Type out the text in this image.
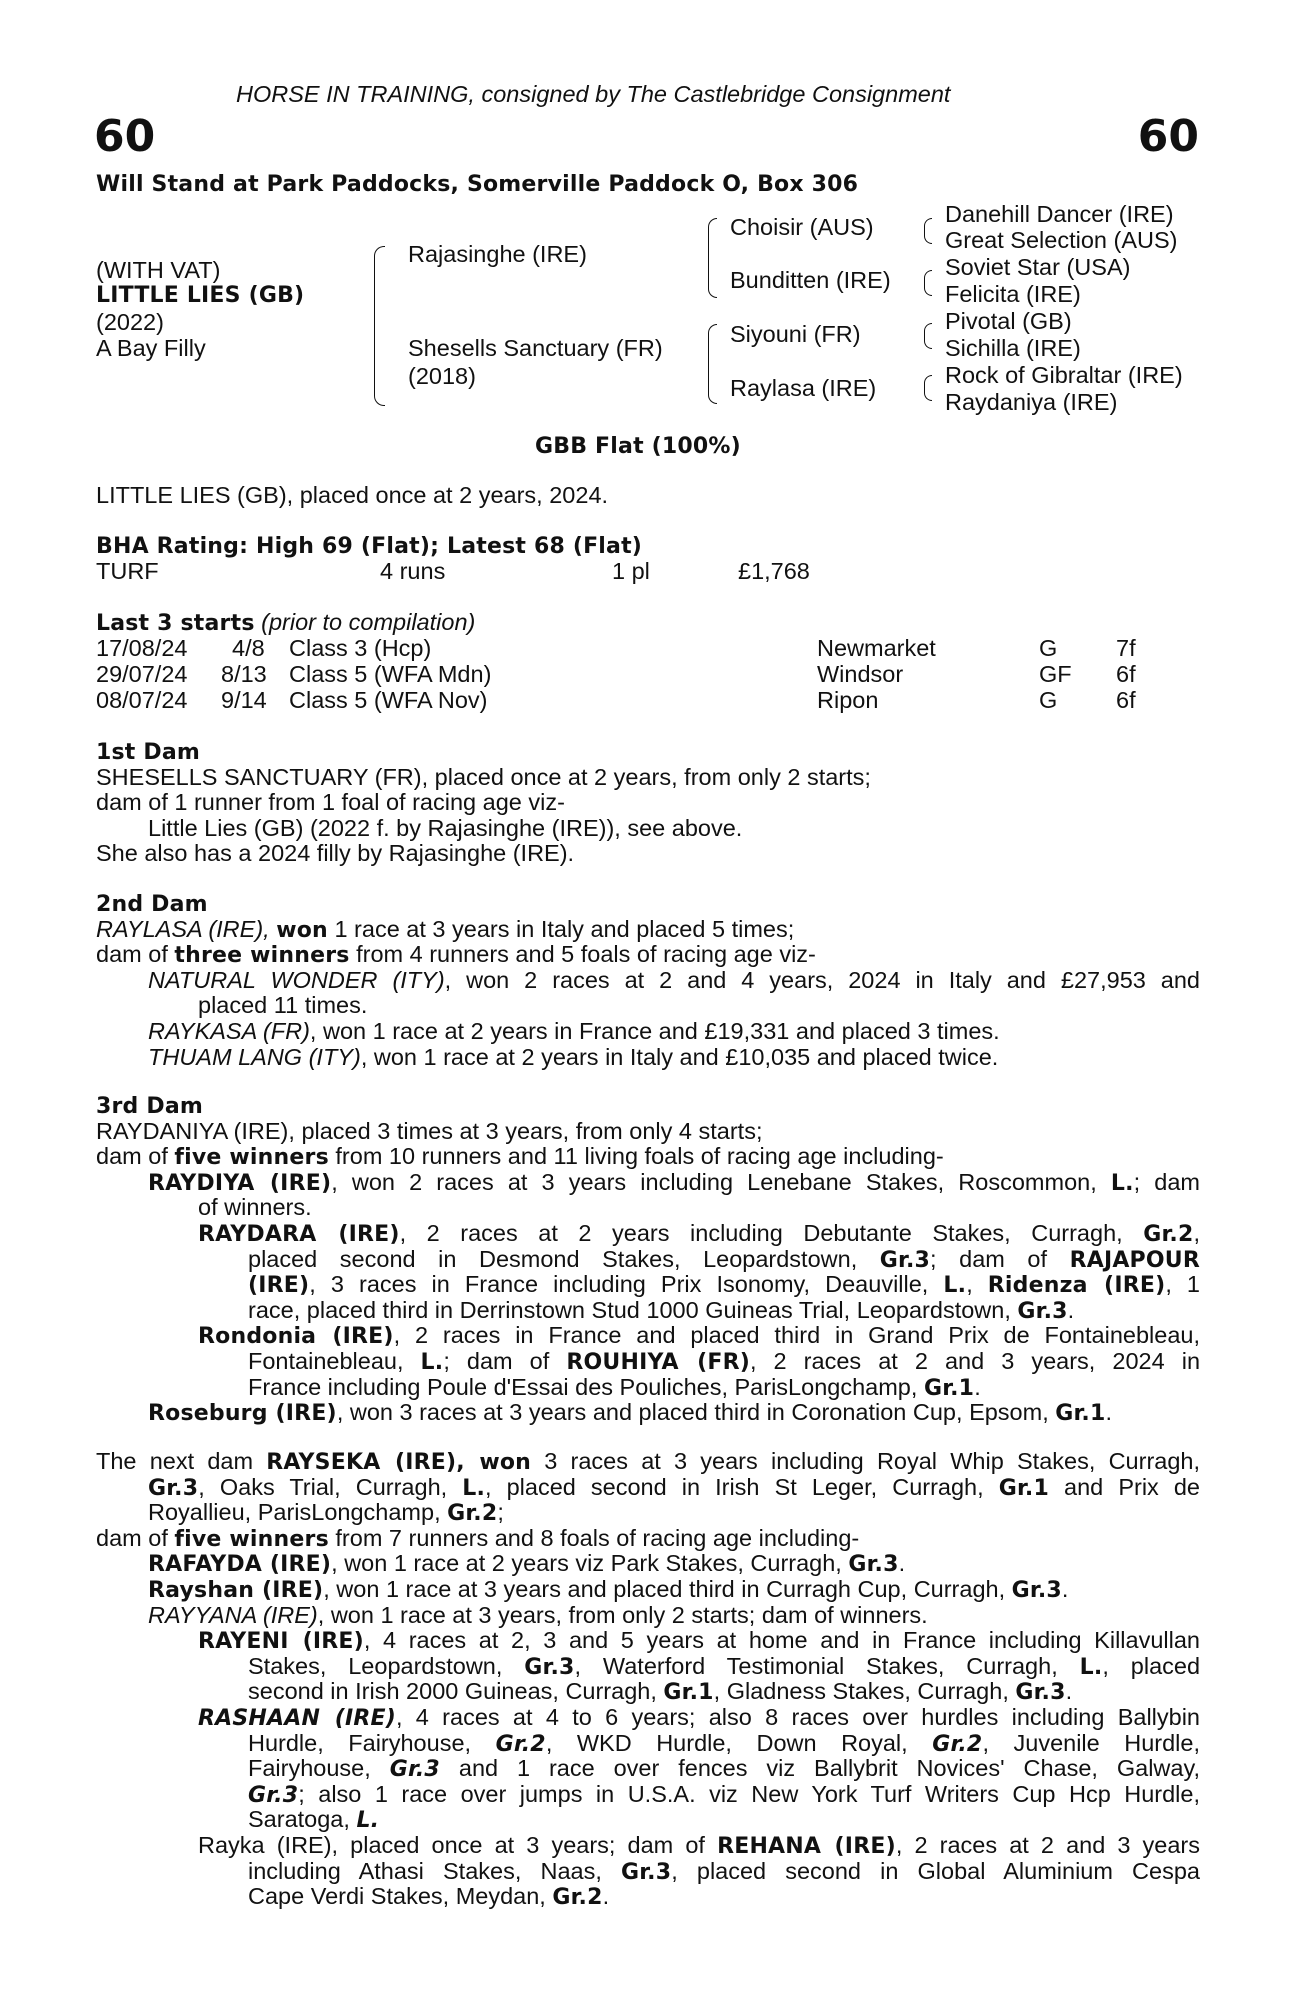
HORSE IN TRAINING, consigned by The Castlebridge Consignment
60	60
Will Stand at Park Paddocks, Somerville Paddock O, Box 306
(WITH VAT)
LITTLE LIES (GB)
(2022)
A Bay Filly
Rajasinghe (IRE)
Shesells Sanctuary (FR)
(2018)
Choisir (AUS)
Bunditten (IRE)
Siyouni (FR)
Raylasa (IRE)
Danehill Dancer (IRE)
Great Selection (AUS)
Soviet Star (USA)
Felicita (IRE)
Pivotal (GB)
Sichilla (IRE)
Rock of Gibraltar (IRE)
Raydaniya (IRE)
GBB Flat (100%)
LITTLE LIES (GB), placed once at 2 years, 2024.
BHA Rating: High 69 (Flat); Latest 68 (Flat)
TURF	4 runs	1 pl	£1,768
Last 3 starts (prior to compilation)
17/08/24 4/8 Class 3 (Hcp)	Newmarket	G 7f
29/07/24 8/13 Class 5 (WFA Mdn)	Windsor	GF 6f
08/07/24 9/14 Class 5 (WFA Nov)	Ripon	G 6f
1st Dam
SHESELLS SANCTUARY (FR), placed once at 2 years, from only 2 starts;
dam of 1 runner from 1 foal of racing age viz-
Little Lies (GB) (2022 f. by Rajasinghe (IRE)), see above.
She also has a 2024 filly by Rajasinghe (IRE).
2nd Dam
RAYLASA (IRE), won 1 race at 3 years in Italy and placed 5 times;
dam of three winners from 4 runners and 5 foals of racing age viz-
NATURAL WONDER (ITY), won 2 races at 2 and 4 years, 2024 in Italy and £27,953 and
placed 11 times.
RAYKASA (FR), won 1 race at 2 years in France and £19,331 and placed 3 times.
THUAM LANG (ITY), won 1 race at 2 years in Italy and £10,035 and placed twice.
3rd Dam
RAYDANIYA (IRE), placed 3 times at 3 years, from only 4 starts;
dam of five winners from 10 runners and 11 living foals of racing age including-
RAYDIYA (IRE), won 2 races at 3 years including Lenebane Stakes, Roscommon, L.; dam
of winners.
RAYDARA (IRE), 2 races at 2 years including Debutante Stakes, Curragh, Gr.2,
placed second in Desmond Stakes, Leopardstown, Gr.3; dam of RAJAPOUR
(IRE), 3 races in France including Prix Isonomy, Deauville, L., Ridenza (IRE), 1
race, placed third in Derrinstown Stud 1000 Guineas Trial, Leopardstown, Gr.3.
Rondonia (IRE), 2 races in France and placed third in Grand Prix de Fontainebleau,
Fontainebleau, L.; dam of ROUHIYA (FR), 2 races at 2 and 3 years, 2024 in
France including Poule d'Essai des Pouliches, ParisLongchamp, Gr.1.
Roseburg (IRE), won 3 races at 3 years and placed third in Coronation Cup, Epsom, Gr.1.
The next dam RAYSEKA (IRE), won 3 races at 3 years including Royal Whip Stakes, Curragh,
Gr.3, Oaks Trial, Curragh, L., placed second in Irish St Leger, Curragh, Gr.1 and Prix de
Royallieu, ParisLongchamp, Gr.2;
dam of five winners from 7 runners and 8 foals of racing age including-
RAFAYDA (IRE), won 1 race at 2 years viz Park Stakes, Curragh, Gr.3.
Rayshan (IRE), won 1 race at 3 years and placed third in Curragh Cup, Curragh, Gr.3.
RAYYANA (IRE), won 1 race at 3 years, from only 2 starts; dam of winners.
RAYENI (IRE), 4 races at 2, 3 and 5 years at home and in France including Killavullan
Stakes, Leopardstown, Gr.3, Waterford Testimonial Stakes, Curragh, L., placed
second in Irish 2000 Guineas, Curragh, Gr.1, Gladness Stakes, Curragh, Gr.3.
RASHAAN (IRE), 4 races at 4 to 6 years; also 8 races over hurdles including Ballybin
Hurdle, Fairyhouse, Gr.2, WKD Hurdle, Down Royal, Gr.2, Juvenile Hurdle,
Fairyhouse, Gr.3 and 1 race over fences viz Ballybrit Novices' Chase, Galway,
Gr.3; also 1 race over jumps in U.S.A. viz New York Turf Writers Cup Hcp Hurdle,
Saratoga, L.
Rayka (IRE), placed once at 3 years; dam of REHANA (IRE), 2 races at 2 and 3 years
including Athasi Stakes, Naas, Gr.3, placed second in Global Aluminium Cespa
Cape Verdi Stakes, Meydan, Gr.2.
